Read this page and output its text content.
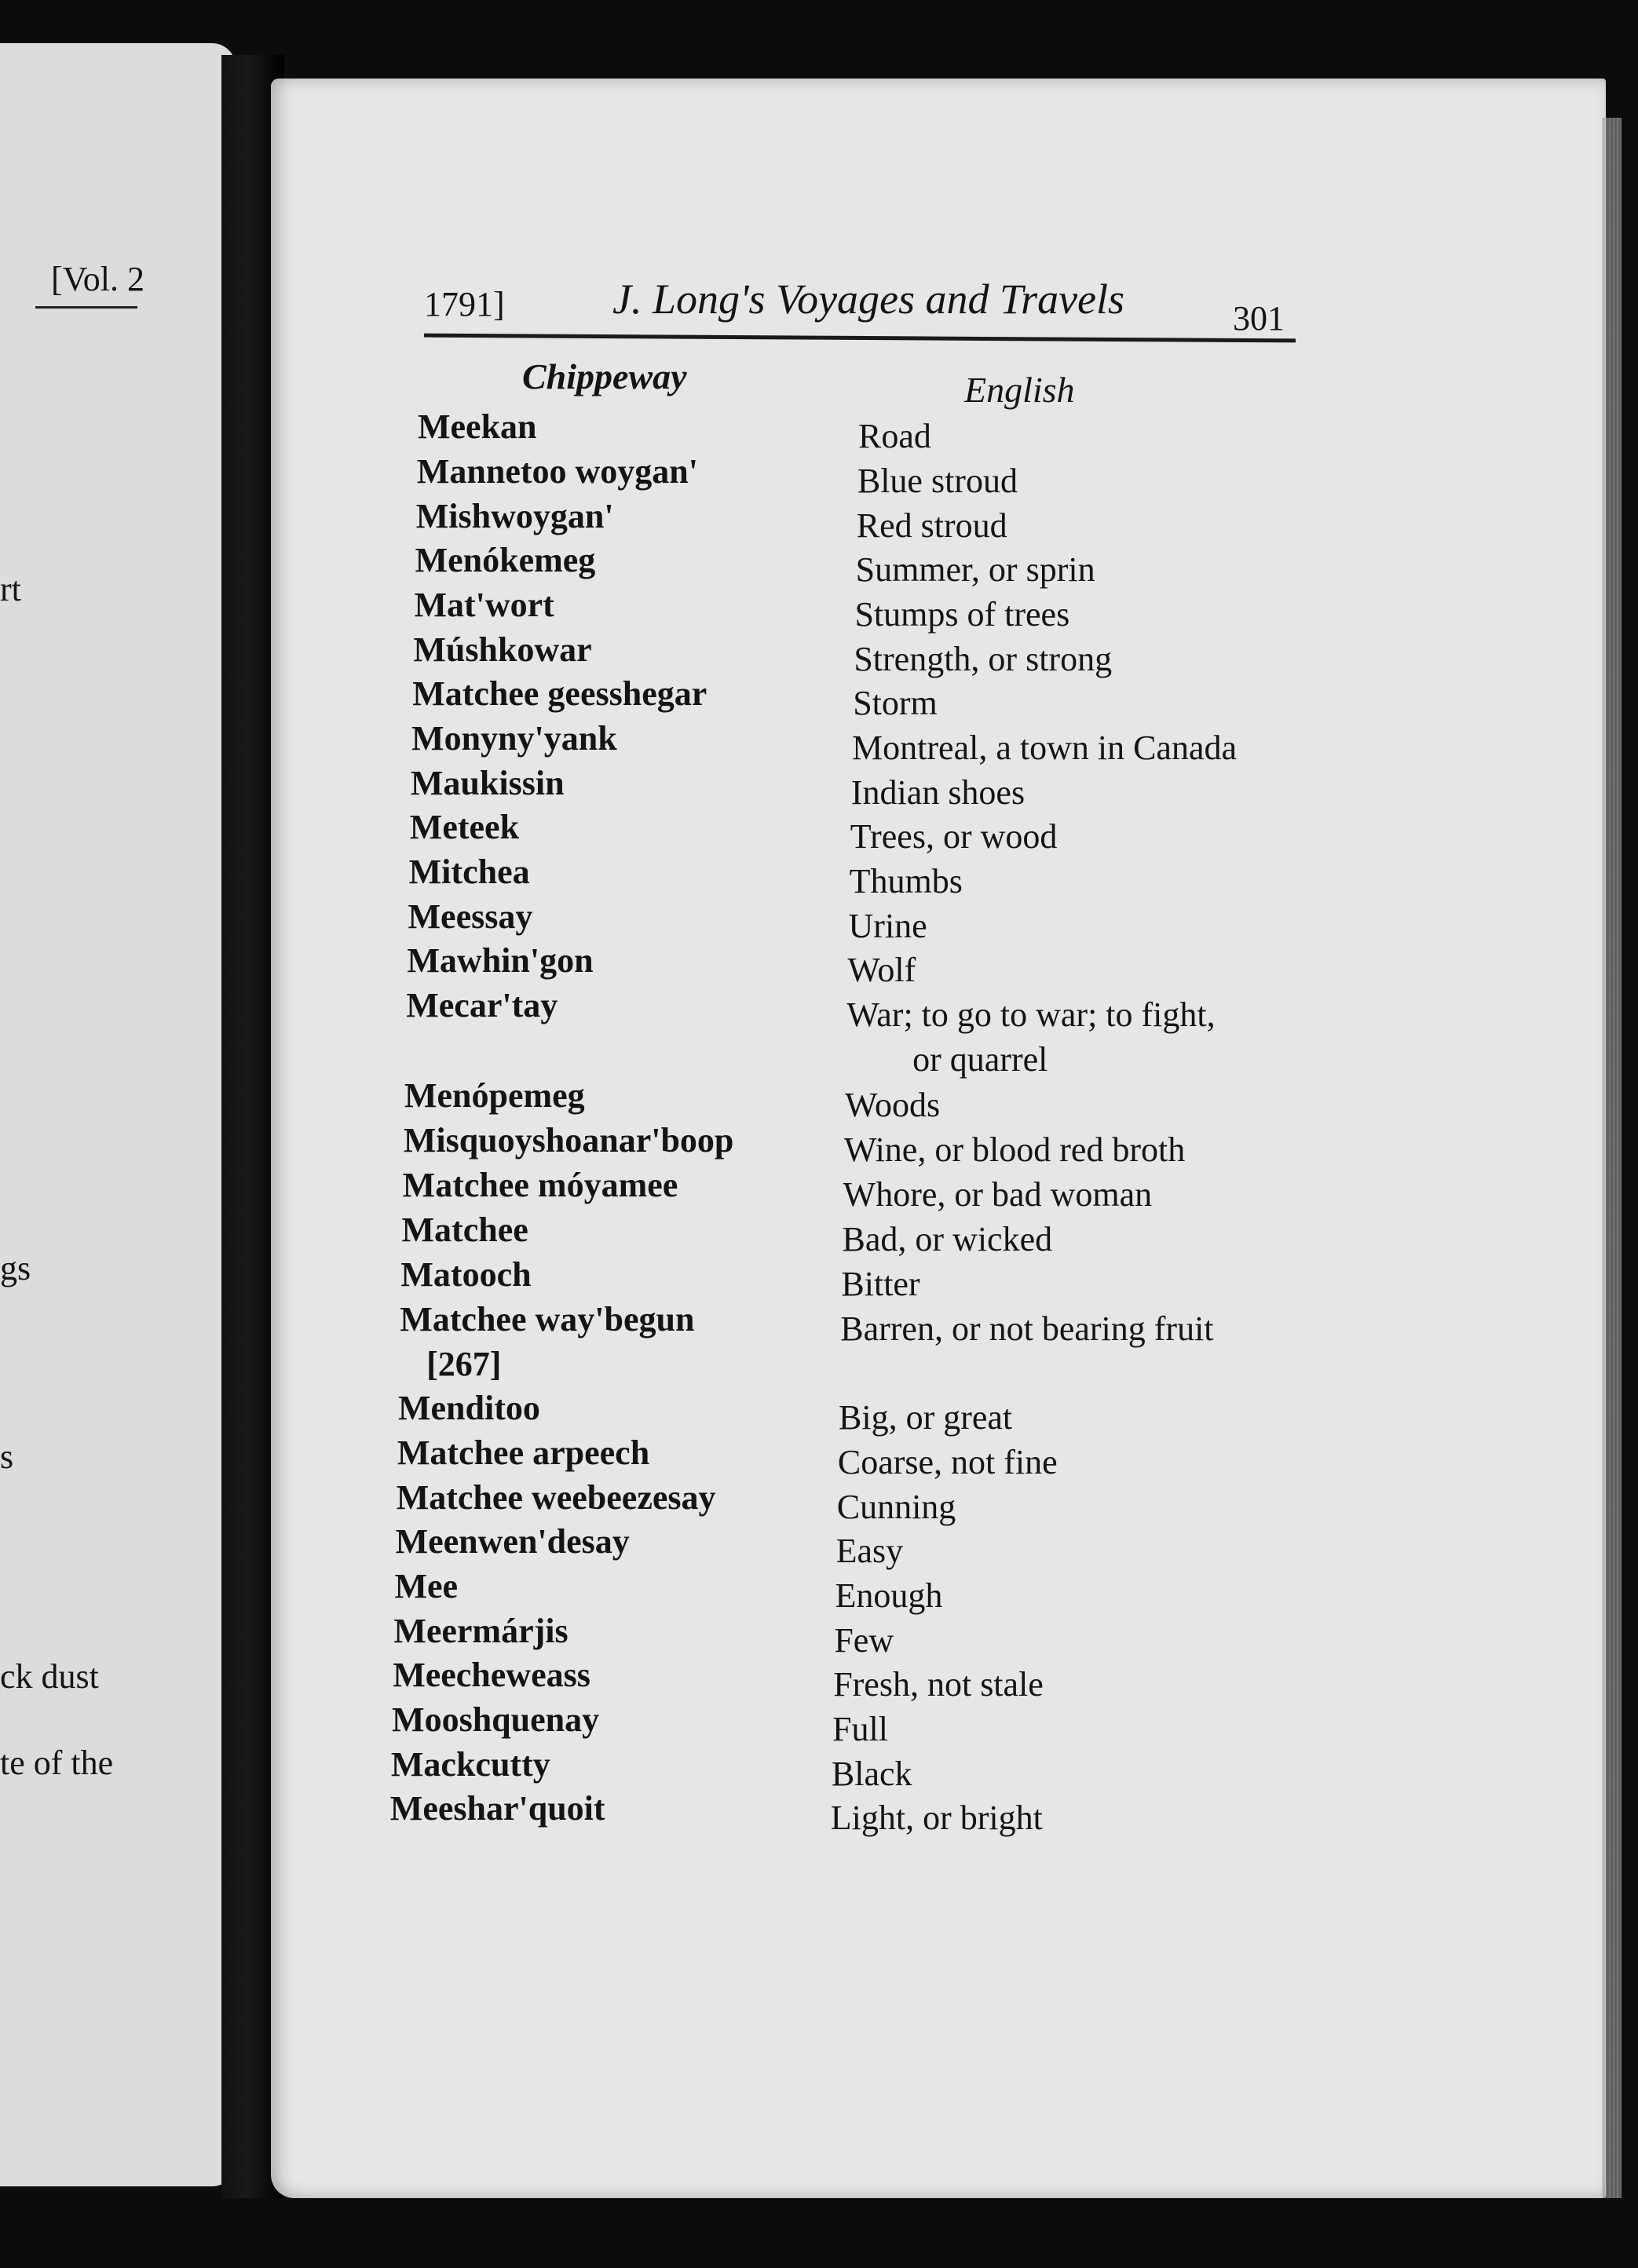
[Vol. 2
rt
gs
s
ck dust
te of the
1791]	J. Long's Voyages and Travels	301
Chippeway	English
Meekan	Road
Mannetoo woygan'	Blue stroud
Mishwoygan'	Red stroud
Menókemeg	Summer, or sprin
Mat'wort	Stumps of trees
Múshkowar	Strength, or strong
Matchee geesshegar	Storm
Monyny'yank	Montreal, a town in Canada
Maukissin	Indian shoes
Meteek	Trees, or wood
Mitchea	Thumbs
Meessay	Urine
Mawhin'gon	Wolf
Mecar'tay	War; to go to war; to fight,
or quarrel
Menópemeg	Woods
Misquoyshoanar'boop	Wine, or blood red broth
Matchee móyamee	Whore, or bad woman
Matchee	Bad, or wicked
Matooch	Bitter
Matchee way'begun	Barren, or not bearing fruit
[267]
Menditoo	Big, or great
Matchee arpeech	Coarse, not fine
Matchee weebeezesay	Cunning
Meenwen'desay	Easy
Mee	Enough
Meermárjis	Few
Meecheweass	Fresh, not stale
Mooshquenay	Full
Mackcutty	Black
Meeshar'quoit	Light, or bright
